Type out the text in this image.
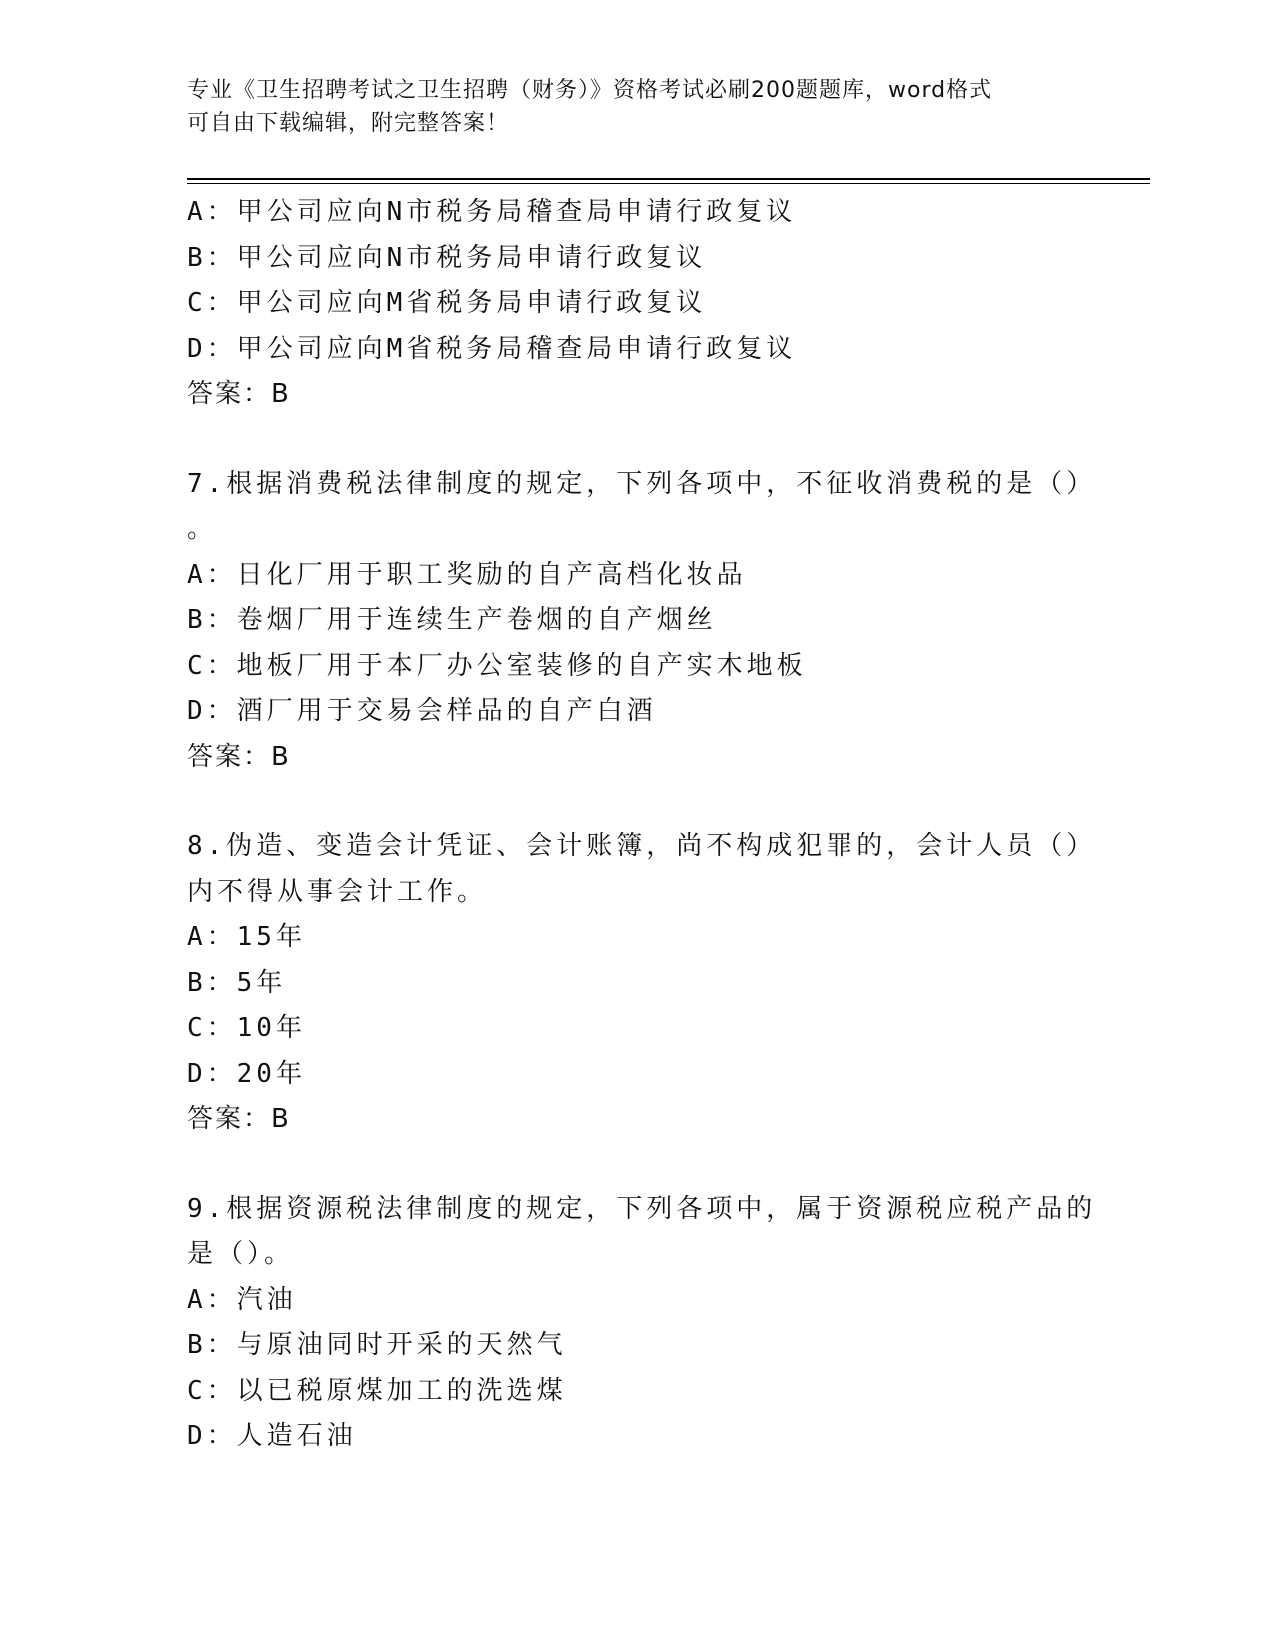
专业《卫生招聘考试之卫生招聘（财务）》资格考试必刷200题题库，word格式
可自由下载编辑，附完整答案！
A：甲公司应向N市税务局稽查局申请行政复议
B：甲公司应向N市税务局申请行政复议
C：甲公司应向M省税务局申请行政复议
D：甲公司应向M省税务局稽查局申请行政复议
答案：B
7.根据消费税法律制度的规定，下列各项中，不征收消费税的是（）
。
A：日化厂用于职工奖励的自产高档化妆品
B：卷烟厂用于连续生产卷烟的自产烟丝
C：地板厂用于本厂办公室装修的自产实木地板
D：酒厂用于交易会样品的自产白酒
答案：B
8.伪造、变造会计凭证、会计账簿，尚不构成犯罪的，会计人员（）
内不得从事会计工作。
A：15年
B：5年
C：10年
D：20年
答案：B
9.根据资源税法律制度的规定，下列各项中，属于资源税应税产品的
是（）。
A：汽油
B：与原油同时开采的天然气
C：以已税原煤加工的洗选煤
D：人造石油
